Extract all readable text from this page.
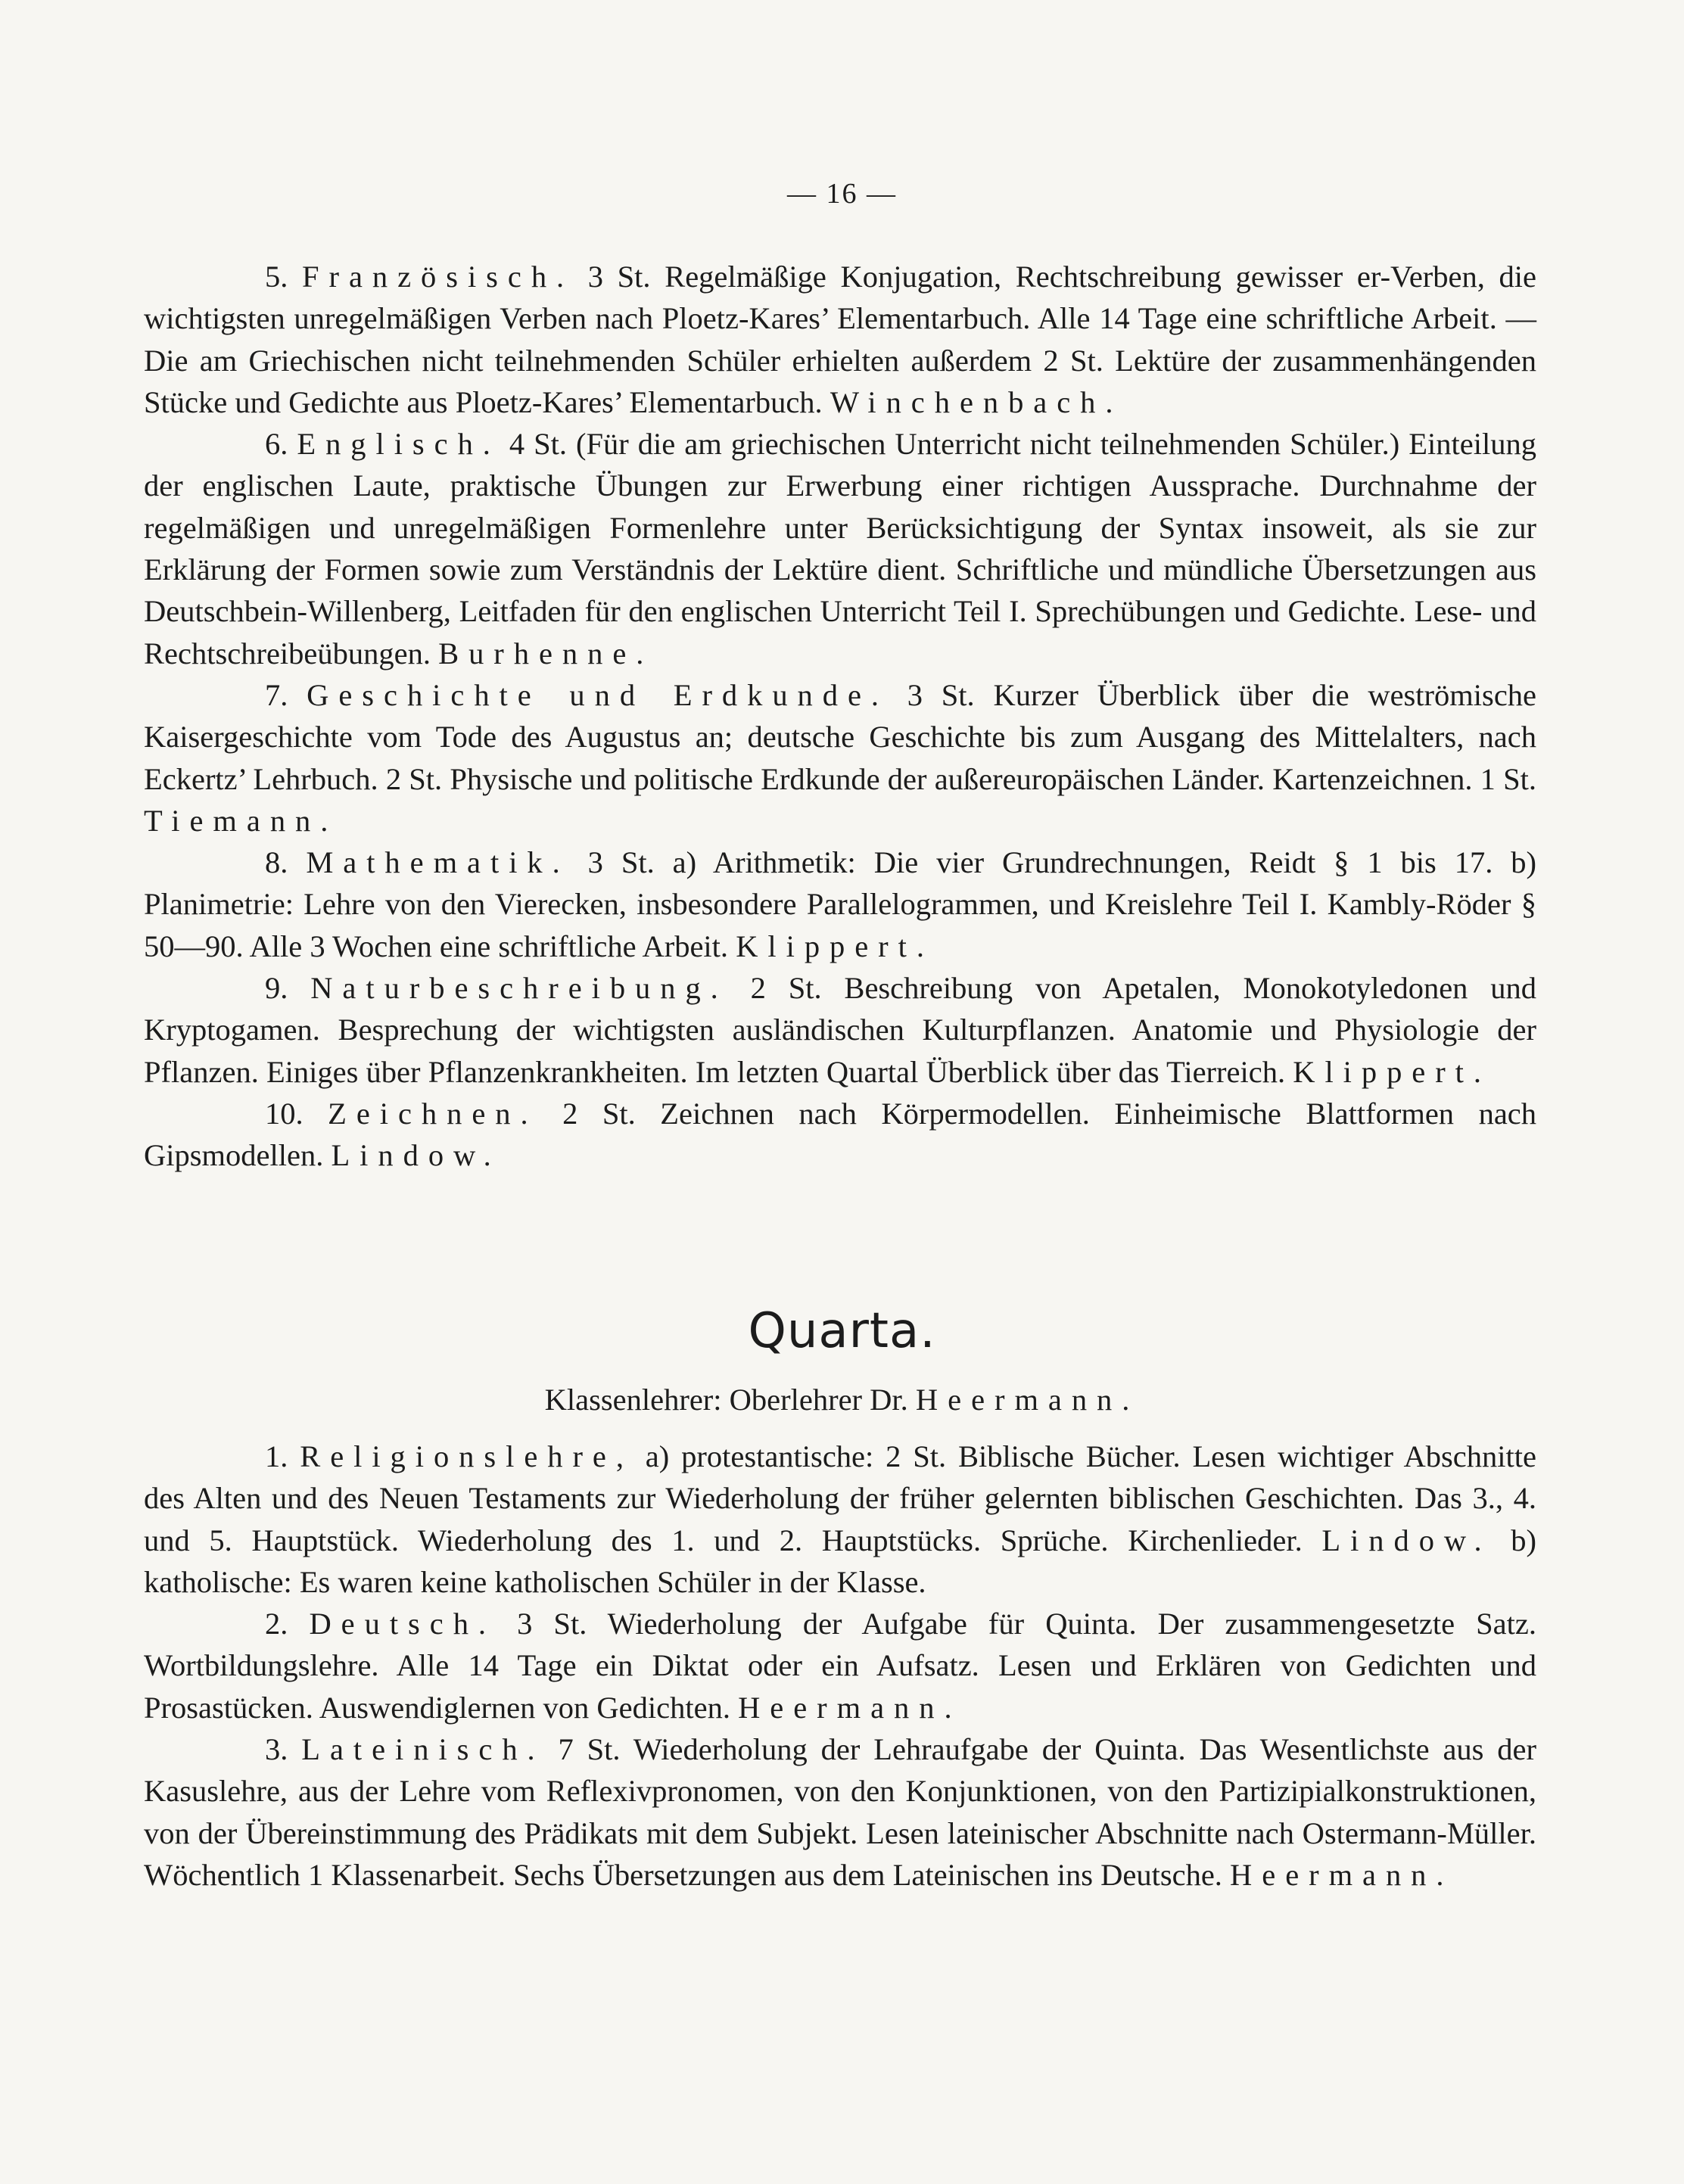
— 16 —

5. Französisch. 3 St. Regelmäßige Konjugation, Rechtschreibung gewisser er-Verben, die wichtigsten unregelmäßigen Verben nach Ploetz-Kares’ Elementarbuch. Alle 14 Tage eine schriftliche Arbeit. — Die am Griechischen nicht teilnehmenden Schüler erhielten außerdem 2 St. Lektüre der zusammenhängenden Stücke und Gedichte aus Ploetz-Kares’ Elementarbuch. Winchenbach.

6. Englisch. 4 St. (Für die am griechischen Unterricht nicht teilnehmenden Schüler.) Einteilung der englischen Laute, praktische Übungen zur Erwerbung einer richtigen Aussprache. Durchnahme der regelmäßigen und unregelmäßigen Formenlehre unter Berücksichtigung der Syntax insoweit, als sie zur Erklärung der Formen sowie zum Verständnis der Lektüre dient. Schriftliche und mündliche Übersetzungen aus Deutschbein-Willenberg, Leitfaden für den englischen Unterricht Teil I. Sprechübungen und Gedichte. Lese- und Rechtschreibeübungen. Burhenne.

7. Geschichte und Erdkunde. 3 St. Kurzer Überblick über die weströmische Kaisergeschichte vom Tode des Augustus an; deutsche Geschichte bis zum Ausgang des Mittelalters, nach Eckertz’ Lehrbuch. 2 St. Physische und politische Erdkunde der außereuropäischen Länder. Kartenzeichnen. 1 St. Tiemann.

8. Mathematik. 3 St. a) Arithmetik: Die vier Grundrechnungen, Reidt § 1 bis 17. b) Planimetrie: Lehre von den Vierecken, insbesondere Parallelogrammen, und Kreislehre Teil I. Kambly-Röder § 50—90. Alle 3 Wochen eine schriftliche Arbeit. Klippert.

9. Naturbeschreibung. 2 St. Beschreibung von Apetalen, Monokotyledonen und Kryptogamen. Besprechung der wichtigsten ausländischen Kulturpflanzen. Anatomie und Physiologie der Pflanzen. Einiges über Pflanzenkrankheiten. Im letzten Quartal Überblick über das Tierreich. Klippert.

10. Zeichnen. 2 St. Zeichnen nach Körpermodellen. Einheimische Blattformen nach Gipsmodellen. Lindow.

Quarta.
Klassenlehrer: Oberlehrer Dr. Heermann.

1. Religionslehre, a) protestantische: 2 St. Biblische Bücher. Lesen wichtiger Abschnitte des Alten und des Neuen Testaments zur Wiederholung der früher gelernten biblischen Geschichten. Das 3., 4. und 5. Hauptstück. Wiederholung des 1. und 2. Hauptstücks. Sprüche. Kirchenlieder. Lindow. b) katholische: Es waren keine katholischen Schüler in der Klasse.

2. Deutsch. 3 St. Wiederholung der Aufgabe für Quinta. Der zusammengesetzte Satz. Wortbildungslehre. Alle 14 Tage ein Diktat oder ein Aufsatz. Lesen und Erklären von Gedichten und Prosastücken. Auswendiglernen von Gedichten. Heermann.

3. Lateinisch. 7 St. Wiederholung der Lehraufgabe der Quinta. Das Wesentlichste aus der Kasuslehre, aus der Lehre vom Reflexivpronomen, von den Konjunktionen, von den Partizipialkonstruktionen, von der Übereinstimmung des Prädikats mit dem Subjekt. Lesen lateinischer Abschnitte nach Ostermann-Müller. Wöchentlich 1 Klassenarbeit. Sechs Übersetzungen aus dem Lateinischen ins Deutsche. Heermann.
